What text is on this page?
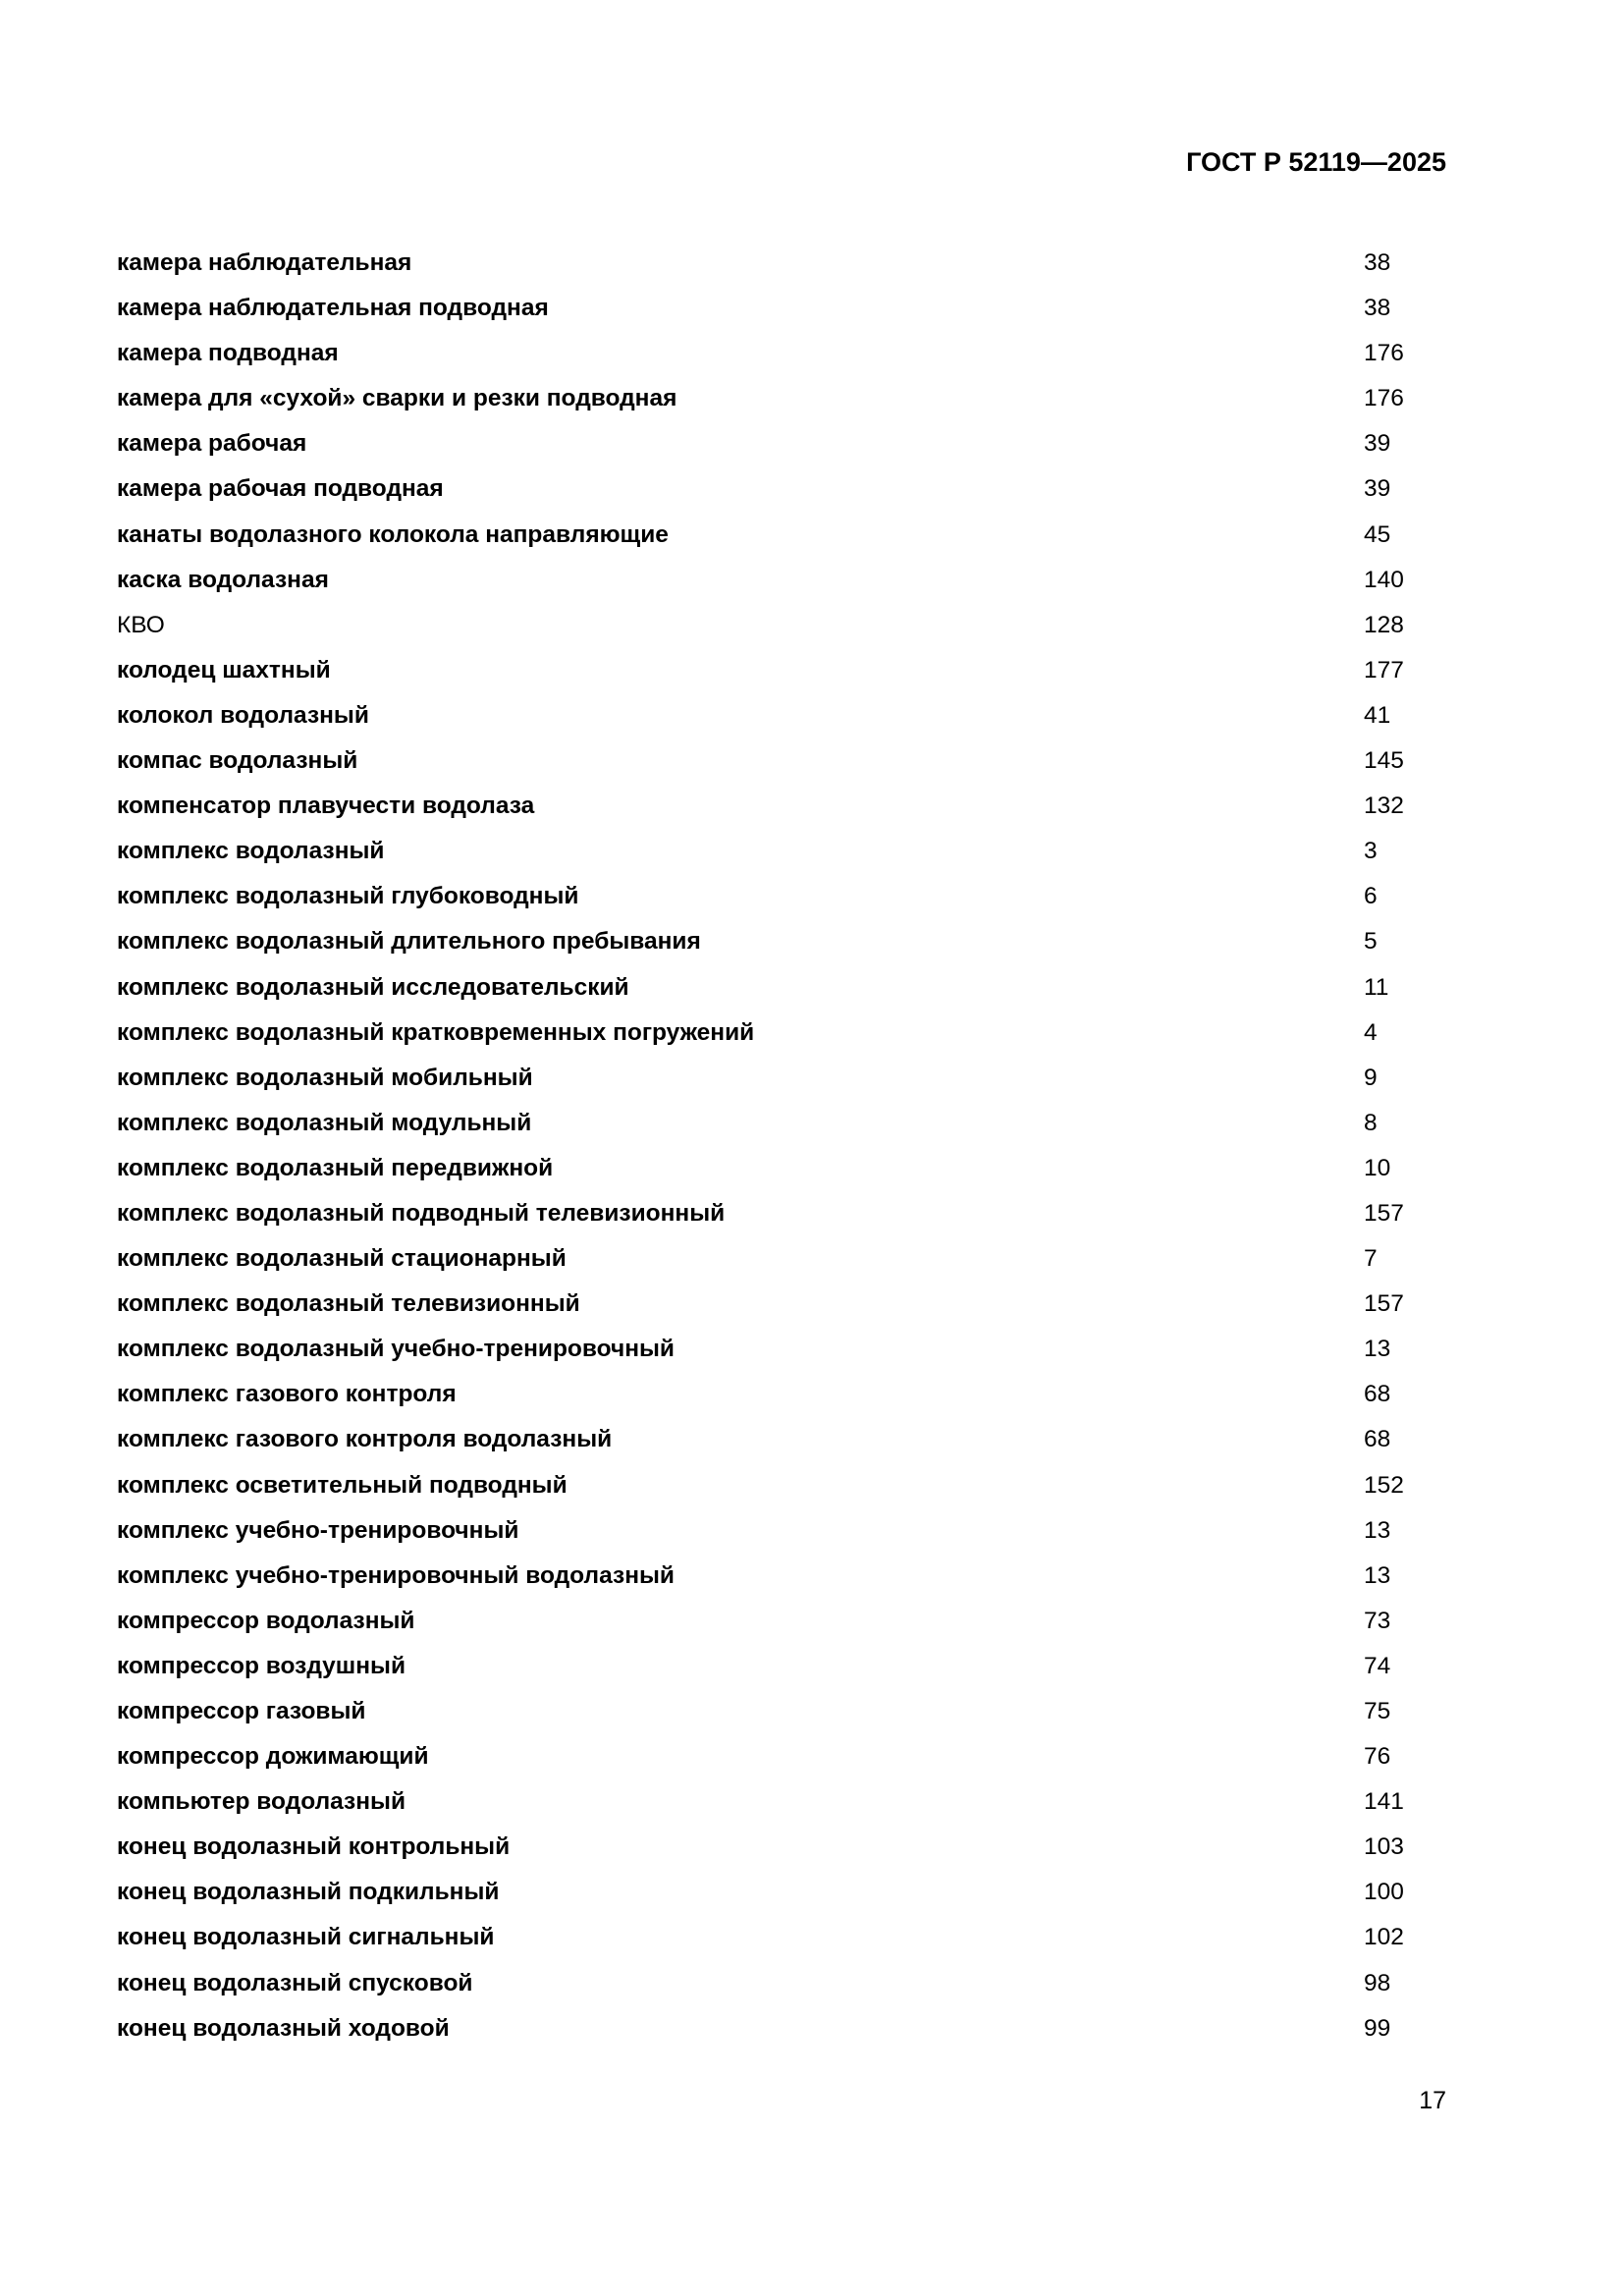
ГОСТ Р 52119—2025
камера наблюдательная	38
камера наблюдательная подводная	38
камера подводная	176
камера для «сухой» сварки и резки подводная	176
камера рабочая	39
камера рабочая подводная	39
канаты водолазного колокола направляющие	45
каска водолазная	140
КВО	128
колодец шахтный	177
колокол водолазный	41
компас водолазный	145
компенсатор плавучести водолаза	132
комплекс водолазный	3
комплекс водолазный глубоководный	6
комплекс водолазный длительного пребывания	5
комплекс водолазный исследовательский	11
комплекс водолазный кратковременных погружений	4
комплекс водолазный мобильный	9
комплекс водолазный модульный	8
комплекс водолазный передвижной	10
комплекс водолазный подводный телевизионный	157
комплекс водолазный стационарный	7
комплекс водолазный телевизионный	157
комплекс водолазный учебно-тренировочный	13
комплекс газового контроля	68
комплекс газового контроля водолазный	68
комплекс осветительный подводный	152
комплекс учебно-тренировочный	13
комплекс учебно-тренировочный водолазный	13
компрессор водолазный	73
компрессор воздушный	74
компрессор газовый	75
компрессор дожимающий	76
компьютер водолазный	141
конец водолазный контрольный	103
конец водолазный подкильный	100
конец водолазный сигнальный	102
конец водолазный спусковой	98
конец водолазный ходовой	99
17
